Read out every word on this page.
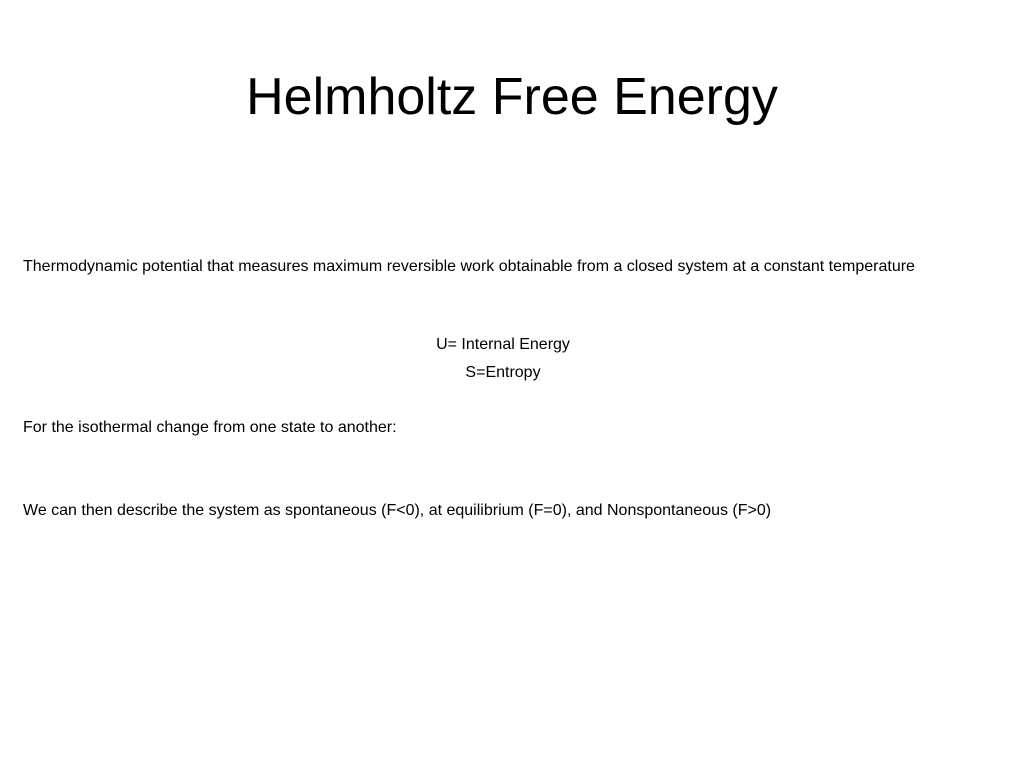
Helmholtz Free Energy

Thermodynamic potential that measures maximum reversible work obtainable from a closed system at a constant temperature

U= Internal Energy

S=Entropy

For the isothermal change from one state to another:

We can then describe the system as spontaneous (F<0), at equilibrium (F=0), and Nonspontaneous (F>0)
